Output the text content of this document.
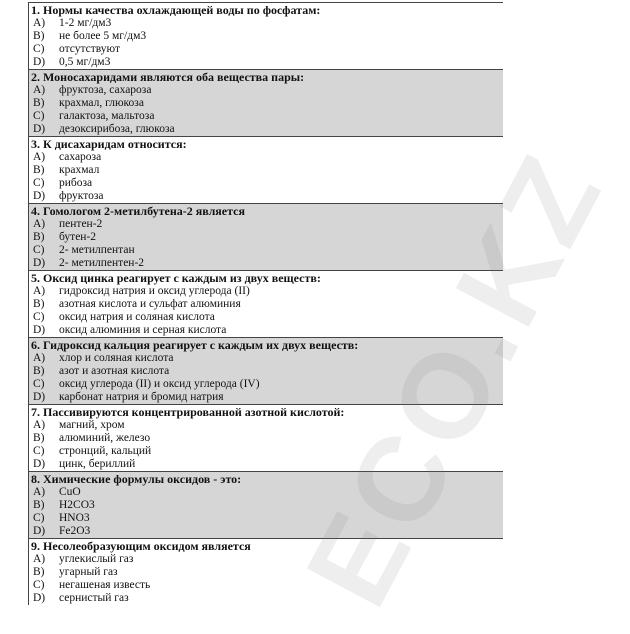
1. Нормы качества охлаждающей воды по фосфатам:
A)	1-2 мг/дм3
B)	не более 5 мг/дм3
C)	отсутствуют
D)	0,5 мг/дм3
2. Моносахаридами являются оба вещества пары:
A)	фруктоза, сахароза
B)	крахмал, глюкоза
C)	галактоза, мальтоза
D)	дезоксирибоза, глюкоза
3. К дисахаридам относится:
A)	сахароза
B)	крахмал
C)	рибоза
D)	фруктоза
4. Гомологом 2-метилбутена-2 является
A)	пентен-2
B)	бутен-2
C)	2- метилпентан
D)	2- метилпентен-2
5. Оксид цинка реагирует с каждым из двух веществ:
A)	гидроксид натрия и оксид углерода (II)
B)	азотная кислота и сульфат алюминия
C)	оксид натрия и соляная кислота
D)	оксид алюминия и серная кислота
6. Гидроксид кальция реагирует с каждым их двух веществ:
A)	хлор и соляная кислота
B)	азот и азотная кислота
C)	оксид углерода (II) и оксид углерода (IV)
D)	карбонат натрия и бромид натрия
7. Пассивируются концентрированной азотной кислотой:
A)	магний, хром
B)	алюминий, железо
C)	стронций, кальций
D)	цинк, бериллий
8. Химические формулы оксидов - это:
A)	CuO
B)	H2CO3
C)	HNO3
D)	Fe2O3
9. Несолеобразующим оксидом является
A)	углекислый газ
B)	угарный газ
C)	негашеная известь
D)	сернистый газ	ECO.KZ
